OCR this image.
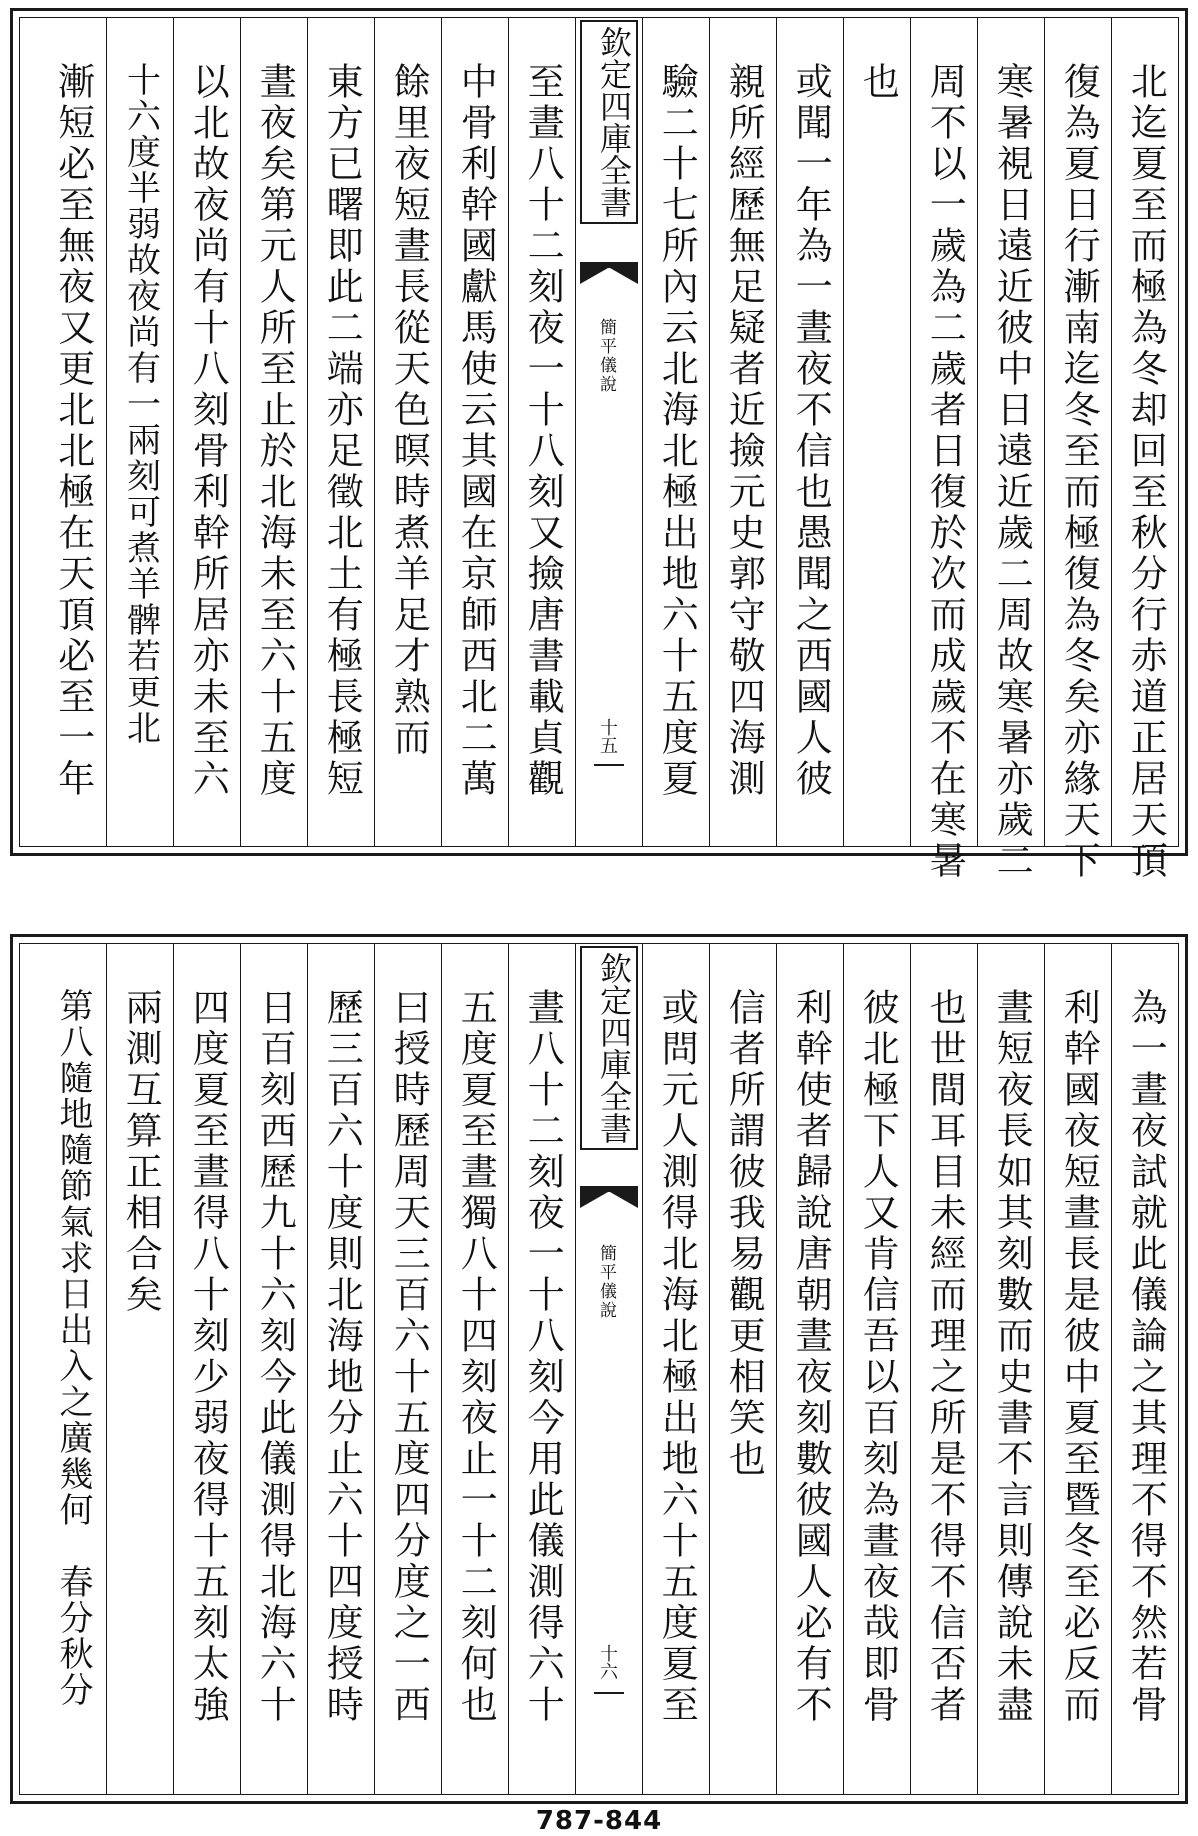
北迄夏至而極為冬却回至秋分行赤道正居天頂
復為夏日行漸南迄冬至而極復為冬矣亦緣天下
寒暑視日遠近彼中日遠近歲二周故寒暑亦歲二
周不以一歲為二歲者日復於次而成歲不在寒暑
也
或聞一年為一晝夜不信也愚聞之西國人彼
親所經歷無足疑者近撿元史郭守敬四海測
驗二十七所內云北海北極出地六十五度夏
欽定四庫全書
簡平儀說
十五
至晝八十二刻夜一十八刻又撿唐書載貞觀
中骨利幹國獻馬使云其國在京師西北二萬
餘里夜短晝長從天色暝時煮羊足才熟而
東方已曙即此二端亦足徵北土有極長極短
晝夜矣第元人所至止於北海未至六十五度
以北故夜尚有十八刻骨利幹所居亦未至六
十六度半弱故夜尚有一兩刻可煮羊髀若更北
漸短必至無夜又更北北極在天頂必至一年
為一晝夜試就此儀論之其理不得不然若骨
利幹國夜短晝長是彼中夏至暨冬至必反而
晝短夜長如其刻數而史書不言則傳說未盡
也世間耳目未經而理之所是不得不信否者
彼北極下人又肯信吾以百刻為晝夜哉即骨
利幹使者歸說唐朝晝夜刻數彼國人必有不
信者所謂彼我易觀更相笑也
或問元人測得北海北極出地六十五度夏至
欽定四庫全書
簡平儀說
十六
晝八十二刻夜一十八刻今用此儀測得六十
五度夏至晝獨八十四刻夜止一十二刻何也
曰授時歷周天三百六十五度四分度之一西
歷三百六十度則北海地分止六十四度授時
日百刻西歷九十六刻今此儀測得北海六十
四度夏至晝得八十刻少弱夜得十五刻太強
兩測互算正相合矣
第八隨地隨節氣求日出入之廣幾何　春分秋分
787-844
